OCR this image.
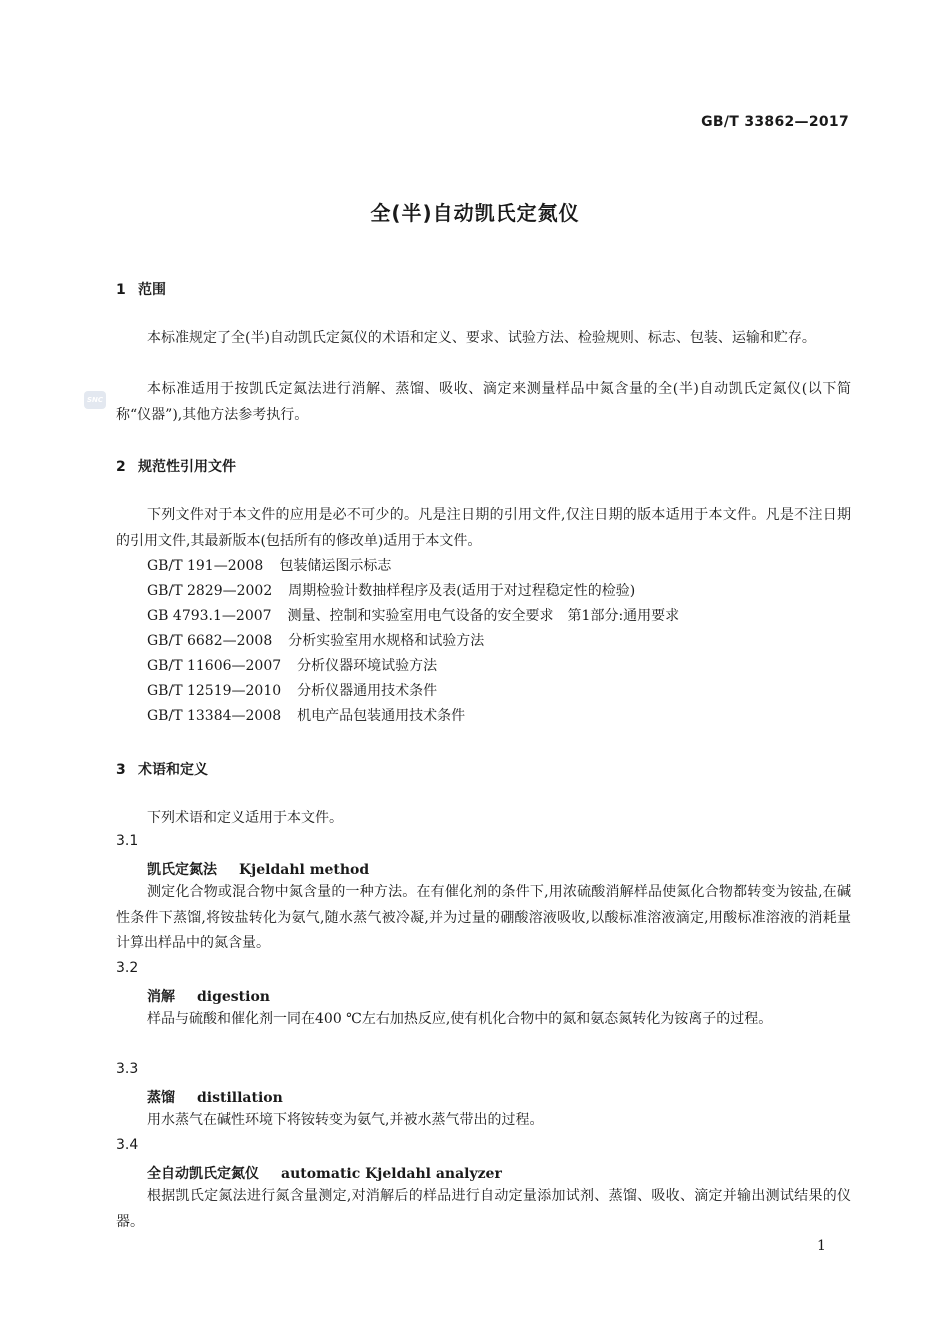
GB/T 33862—2017
全(半)自动凯氏定氮仪
SNC
1 范围
本标准规定了全(半)自动凯氏定氮仪的术语和定义、要求、试验方法、检验规则、标志、包装、运输和贮存。
本标准适用于按凯氏定氮法进行消解、蒸馏、吸收、滴定来测量样品中氮含量的全(半)自动凯氏定氮仪(以下简称“仪器”),其他方法参考执行。
2 规范性引用文件
下列文件对于本文件的应用是必不可少的。凡是注日期的引用文件,仅注日期的版本适用于本文件。凡是不注日期的引用文件,其最新版本(包括所有的修改单)适用于本文件。
GB/T 191—2008 包装储运图示标志
GB/T 2829—2002 周期检验计数抽样程序及表(适用于对过程稳定性的检验)
GB 4793.1—2007 测量、控制和实验室用电气设备的安全要求　第1部分:通用要求
GB/T 6682—2008 分析实验室用水规格和试验方法
GB/T 11606—2007 分析仪器环境试验方法
GB/T 12519—2010 分析仪器通用技术条件
GB/T 13384—2008 机电产品包装通用技术条件
3 术语和定义
下列术语和定义适用于本文件。
3.1
凯氏定氮法 Kjeldahl method
测定化合物或混合物中氮含量的一种方法。在有催化剂的条件下,用浓硫酸消解样品使氮化合物都转变为铵盐,在碱性条件下蒸馏,将铵盐转化为氨气,随水蒸气被冷凝,并为过量的硼酸溶液吸收,以酸标准溶液滴定,用酸标准溶液的消耗量计算出样品中的氮含量。
3.2
消解 digestion
样品与硫酸和催化剂一同在400 ℃左右加热反应,使有机化合物中的氮和氨态氮转化为铵离子的过程。
3.3
蒸馏 distillation
用水蒸气在碱性环境下将铵转变为氨气,并被水蒸气带出的过程。
3.4
全自动凯氏定氮仪 automatic Kjeldahl analyzer
根据凯氏定氮法进行氮含量测定,对消解后的样品进行自动定量添加试剂、蒸馏、吸收、滴定并输出测试结果的仪器。
1
